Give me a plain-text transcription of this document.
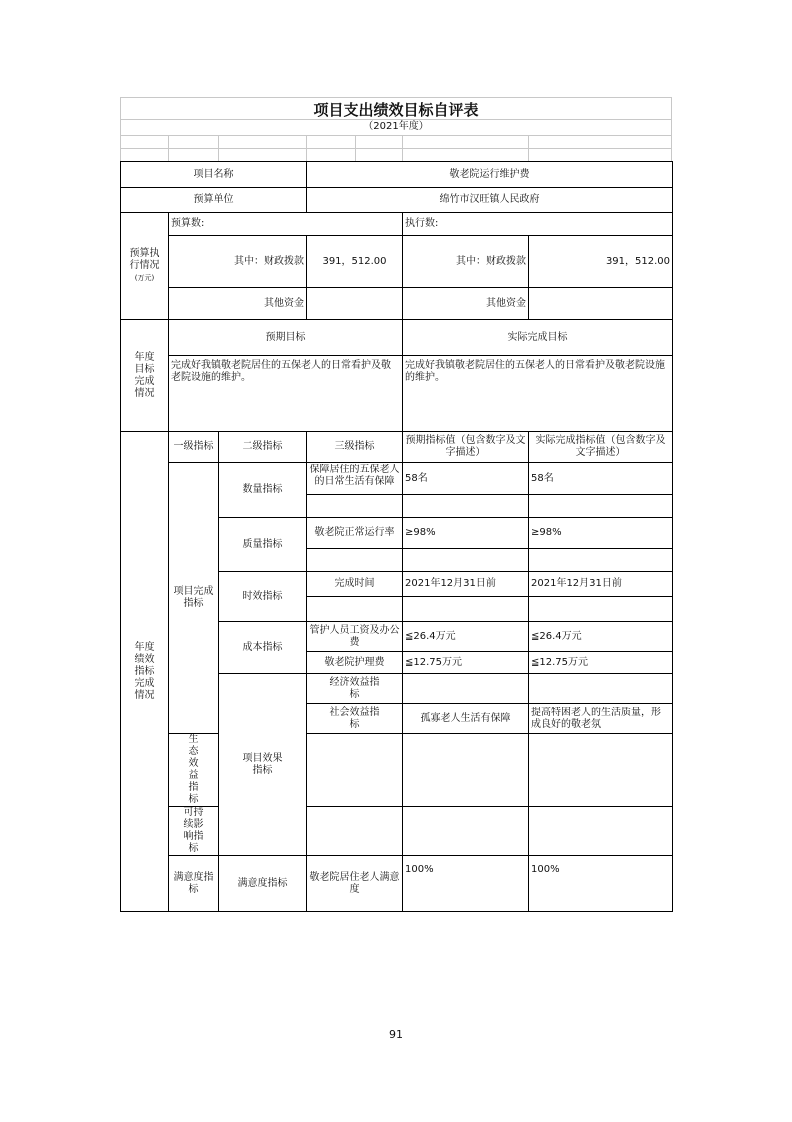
项目支出绩效目标自评表
（2021年度）
项目名称			敬老院运行维护费			
预算单位			绵竹市汉旺镇人民政府			
预算执行情况
(万元)	预算数:			执行数:		
	其中：财政拨款		391，512.00	其中：财政拨款	391，512.00	
	其他资金			其他资金		
年度目标完成情况	预期目标			实际完成目标		
	完成好我镇敬老院居住的五保老人的日常看护及敬老院设施的维护。			完成好我镇敬老院居住的五保老人的日常看护及敬老院设施的维护。		
年度绩效指标完成情况	一级指标	二级指标	三级指标	预期指标值（包含数字及文字描述）	实际完成指标值（包含数字及文字描述）	
	项目完成指标	数量指标	保障居住的五保老人的日常生活有保障	58名	58名	

		质量指标	敬老院正常运行率	≥98%	≥98%	

		时效指标	完成时间	2021年12月31日前	2021年12月31日前	

		成本指标	管护人员工资及办公费	≦26.4万元	≦26.4万元	
			敬老院护理费	≦12.75万元	≦12.75万元	
		项目效果指标	经济效益指标			
			社会效益指标	孤寡老人生活有保障	提高特困老人的生活质量，形成良好的敬老氛

	生态效益指标					
	可持续影响指标					
	满意度指标	满意度指标	敬老院居住老人满意度	100%	100%	
91
